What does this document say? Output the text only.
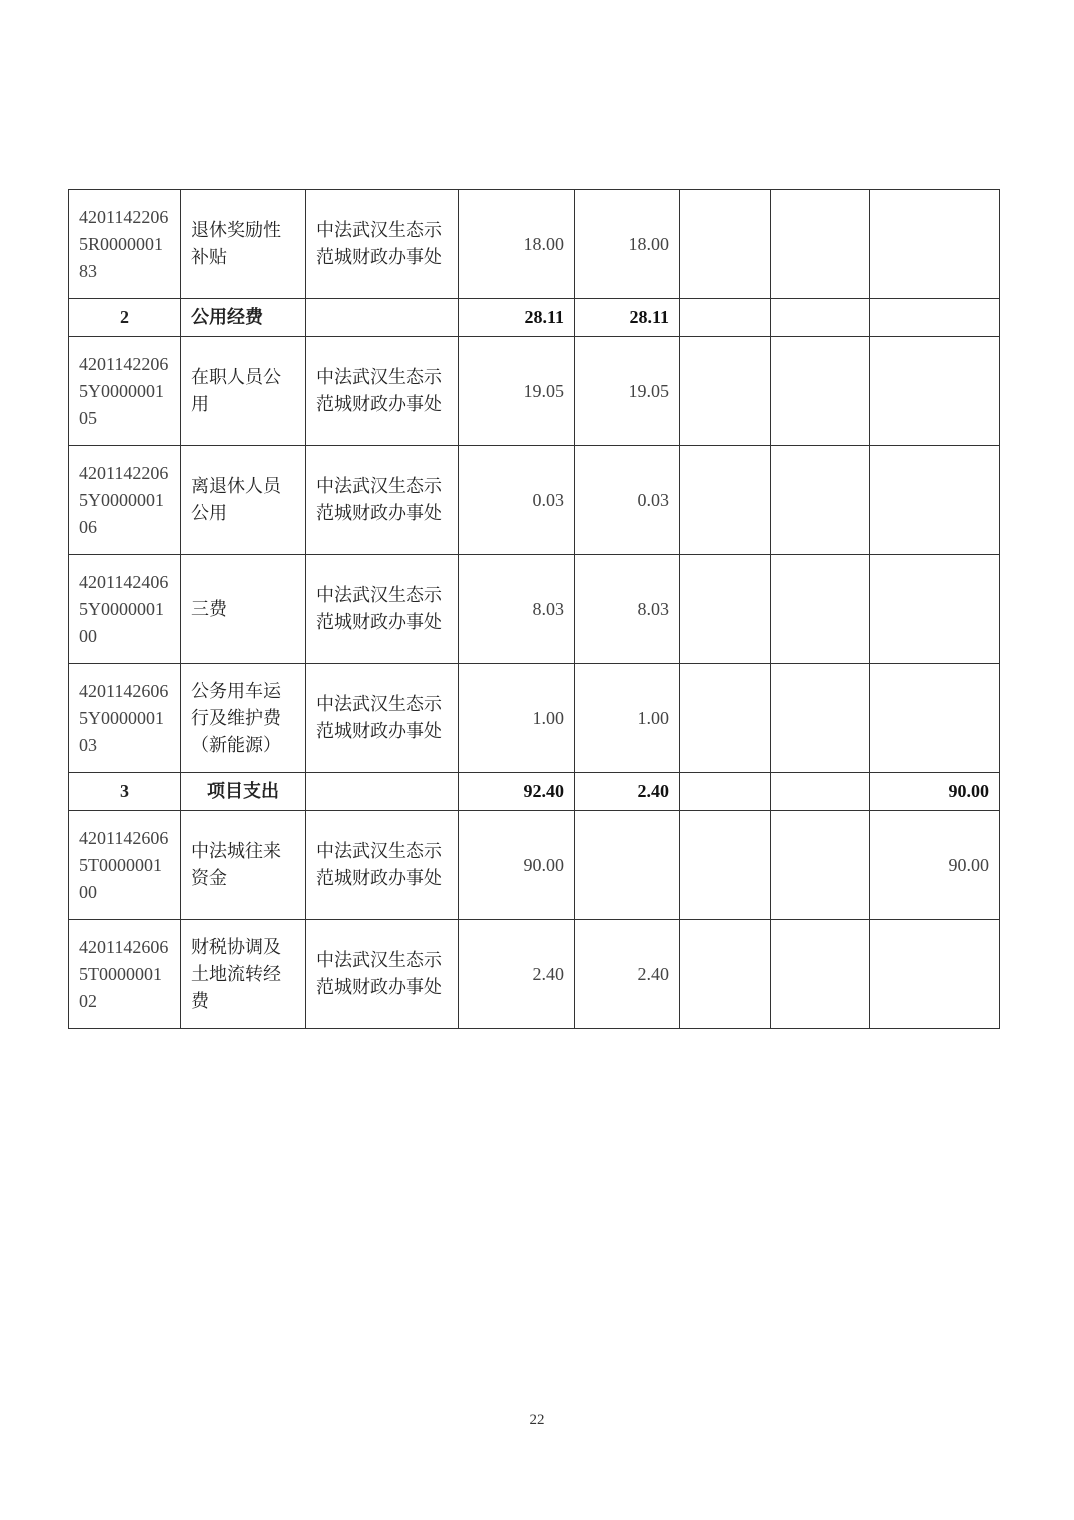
42011422065R000000183	退休奖励性补贴	中法武汉生态示范城财政办事处	18.00	18.00			
2	公用经费		28.11	28.11			
42011422065Y000000105	在职人员公用	中法武汉生态示范城财政办事处	19.05	19.05			
42011422065Y000000106	离退休人员公用	中法武汉生态示范城财政办事处	0.03	0.03			
42011424065Y000000100	三费	中法武汉生态示范城财政办事处	8.03	8.03			
42011426065Y000000103	公务用车运行及维护费（新能源）	中法武汉生态示范城财政办事处	1.00	1.00			
3	项目支出		92.40	2.40			90.00
42011426065T000000100	中法城往来资金	中法武汉生态示范城财政办事处	90.00				90.00
42011426065T000000102	财税协调及土地流转经费	中法武汉生态示范城财政办事处	2.40	2.40			
22
